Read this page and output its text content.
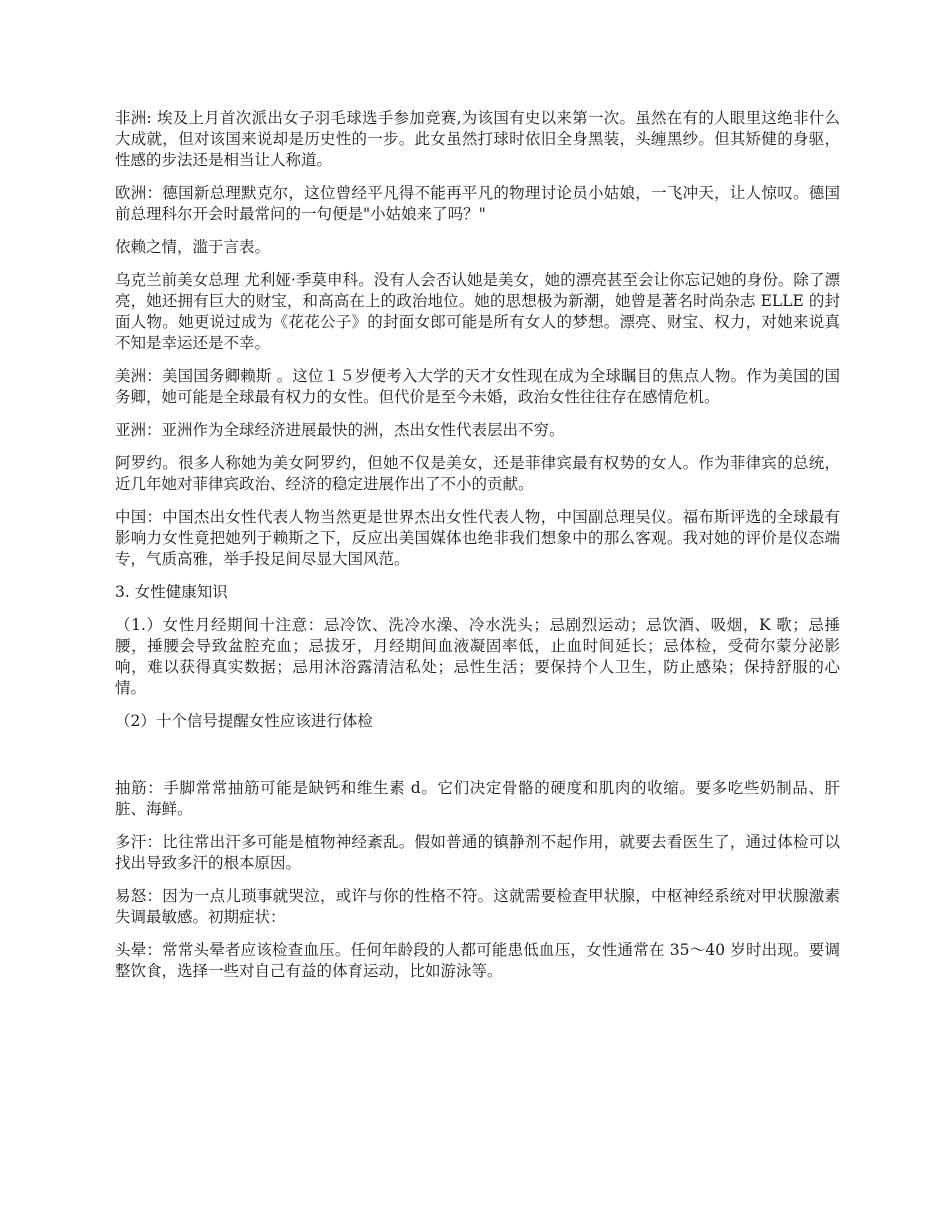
非洲: 埃及上月首次派出女子羽毛球选手参加竞赛,为该国有史以来第一次。虽然在有的人眼里这绝非什么大成就，但对该国来说却是历史性的一步。此女虽然打球时依旧全身黑装，头缠黑纱。但其矫健的身驱，性感的步法还是相当让人称道。

欧洲：德国新总理默克尔，这位曾经平凡得不能再平凡的物理讨论员小姑娘，一飞冲天，让人惊叹。德国前总理科尔开会时最常问的一句便是"小姑娘来了吗？"

依赖之情，滥于言表。

乌克兰前美女总理 尤利娅·季莫申科。没有人会否认她是美女，她的漂亮甚至会让你忘记她的身份。除了漂亮，她还拥有巨大的财宝，和高高在上的政治地位。她的思想极为新潮，她曾是著名时尚杂志 ELLE 的封面人物。她更说过成为《花花公子》的封面女郎可能是所有女人的梦想。漂亮、财宝、权力，对她来说真不知是幸运还是不幸。

美洲：美国国务卿赖斯 。这位１５岁便考入大学的天才女性现在成为全球瞩目的焦点人物。作为美国的国务卿，她可能是全球最有权力的女性。但代价是至今未婚，政治女性往往存在感情危机。

亚洲：亚洲作为全球经济进展最快的洲，杰出女性代表层出不穷。

阿罗约。很多人称她为美女阿罗约，但她不仅是美女，还是菲律宾最有权势的女人。作为菲律宾的总统，近几年她对菲律宾政治、经济的稳定进展作出了不小的贡献。

中国：中国杰出女性代表人物当然更是世界杰出女性代表人物，中国副总理吴仪。福布斯评选的全球最有影响力女性竟把她列于赖斯之下，反应出美国媒体也绝非我们想象中的那么客观。我对她的评价是仪态端专，气质高雅，举手投足间尽显大国风范。

3. 女性健康知识

（1.）女性月经期间十注意：忌冷饮、洗冷水澡、冷水洗头；忌剧烈运动；忌饮酒、吸烟，K 歌；忌捶腰，捶腰会导致盆腔充血；忌拔牙，月经期间血液凝固率低，止血时间延长；忌体检，受荷尔蒙分泌影响，难以获得真实数据；忌用沐浴露清洁私处；忌性生活；要保持个人卫生，防止感染；保持舒服的心情。

（2）十个信号提醒女性应该进行体检

抽筋：手脚常常抽筋可能是缺钙和维生素 d。它们决定骨骼的硬度和肌肉的收缩。要多吃些奶制品、肝脏、海鲜。

多汗：比往常出汗多可能是植物神经紊乱。假如普通的镇静剂不起作用，就要去看医生了，通过体检可以找出导致多汗的根本原因。

易怒：因为一点儿琐事就哭泣，或许与你的性格不符。这就需要检查甲状腺，中枢神经系统对甲状腺激素失调最敏感。初期症状：

头晕：常常头晕者应该检查血压。任何年龄段的人都可能患低血压，女性通常在 35～40 岁时出现。要调整饮食，选择一些对自己有益的体育运动，比如游泳等。
